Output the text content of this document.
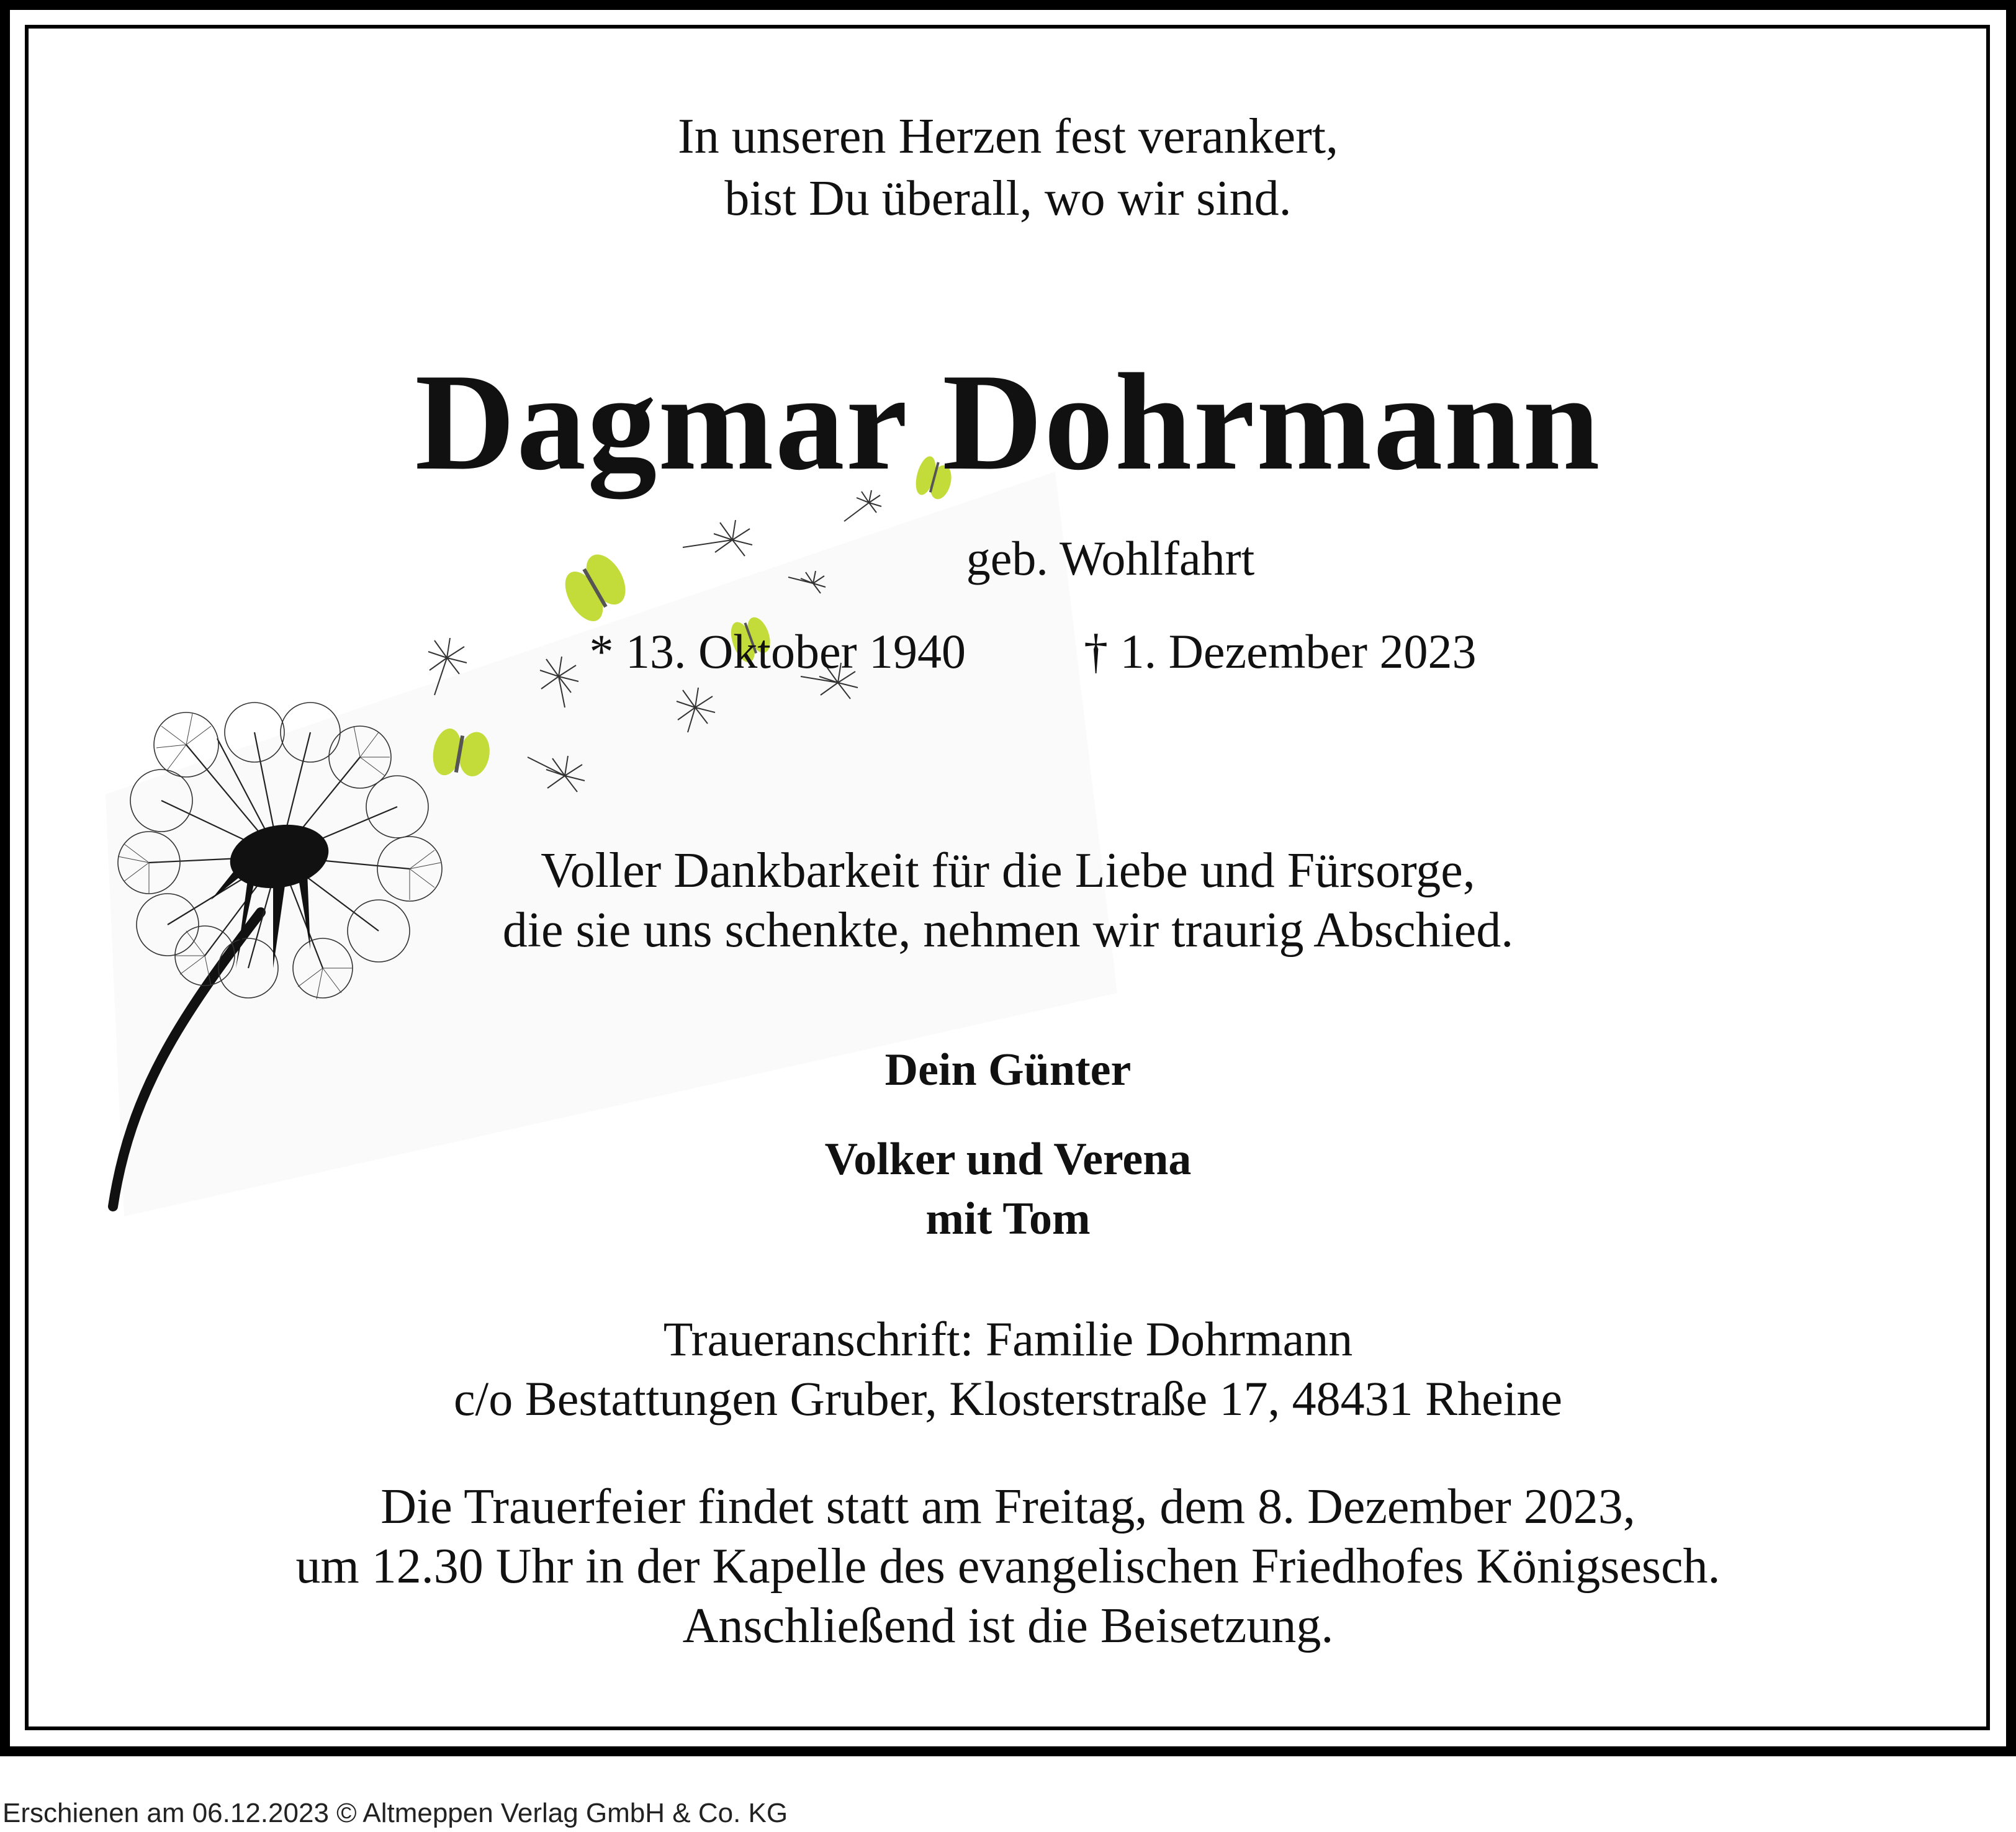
In unseren Herzen fest verankert,
bist Du überall, wo wir sind.
Dagmar Dohrmann
geb. Wohlfahrt
* 13. Oktober 1940 † 1. Dezember 2023
Voller Dankbarkeit für die Liebe und Fürsorge,
die sie uns schenkte, nehmen wir traurig Abschied.
Dein Günter
Volker und Verena
mit Tom
Traueranschrift: Familie Dohrmann
c/o Bestattungen Gruber, Klosterstraße 17, 48431 Rheine
Die Trauerfeier findet statt am Freitag, dem 8. Dezember 2023,
um 12.30 Uhr in der Kapelle des evangelischen Friedhofes Königsesch.
Anschließend ist die Beisetzung.
Erschienen am 06.12.2023 © Altmeppen Verlag GmbH & Co. KG
